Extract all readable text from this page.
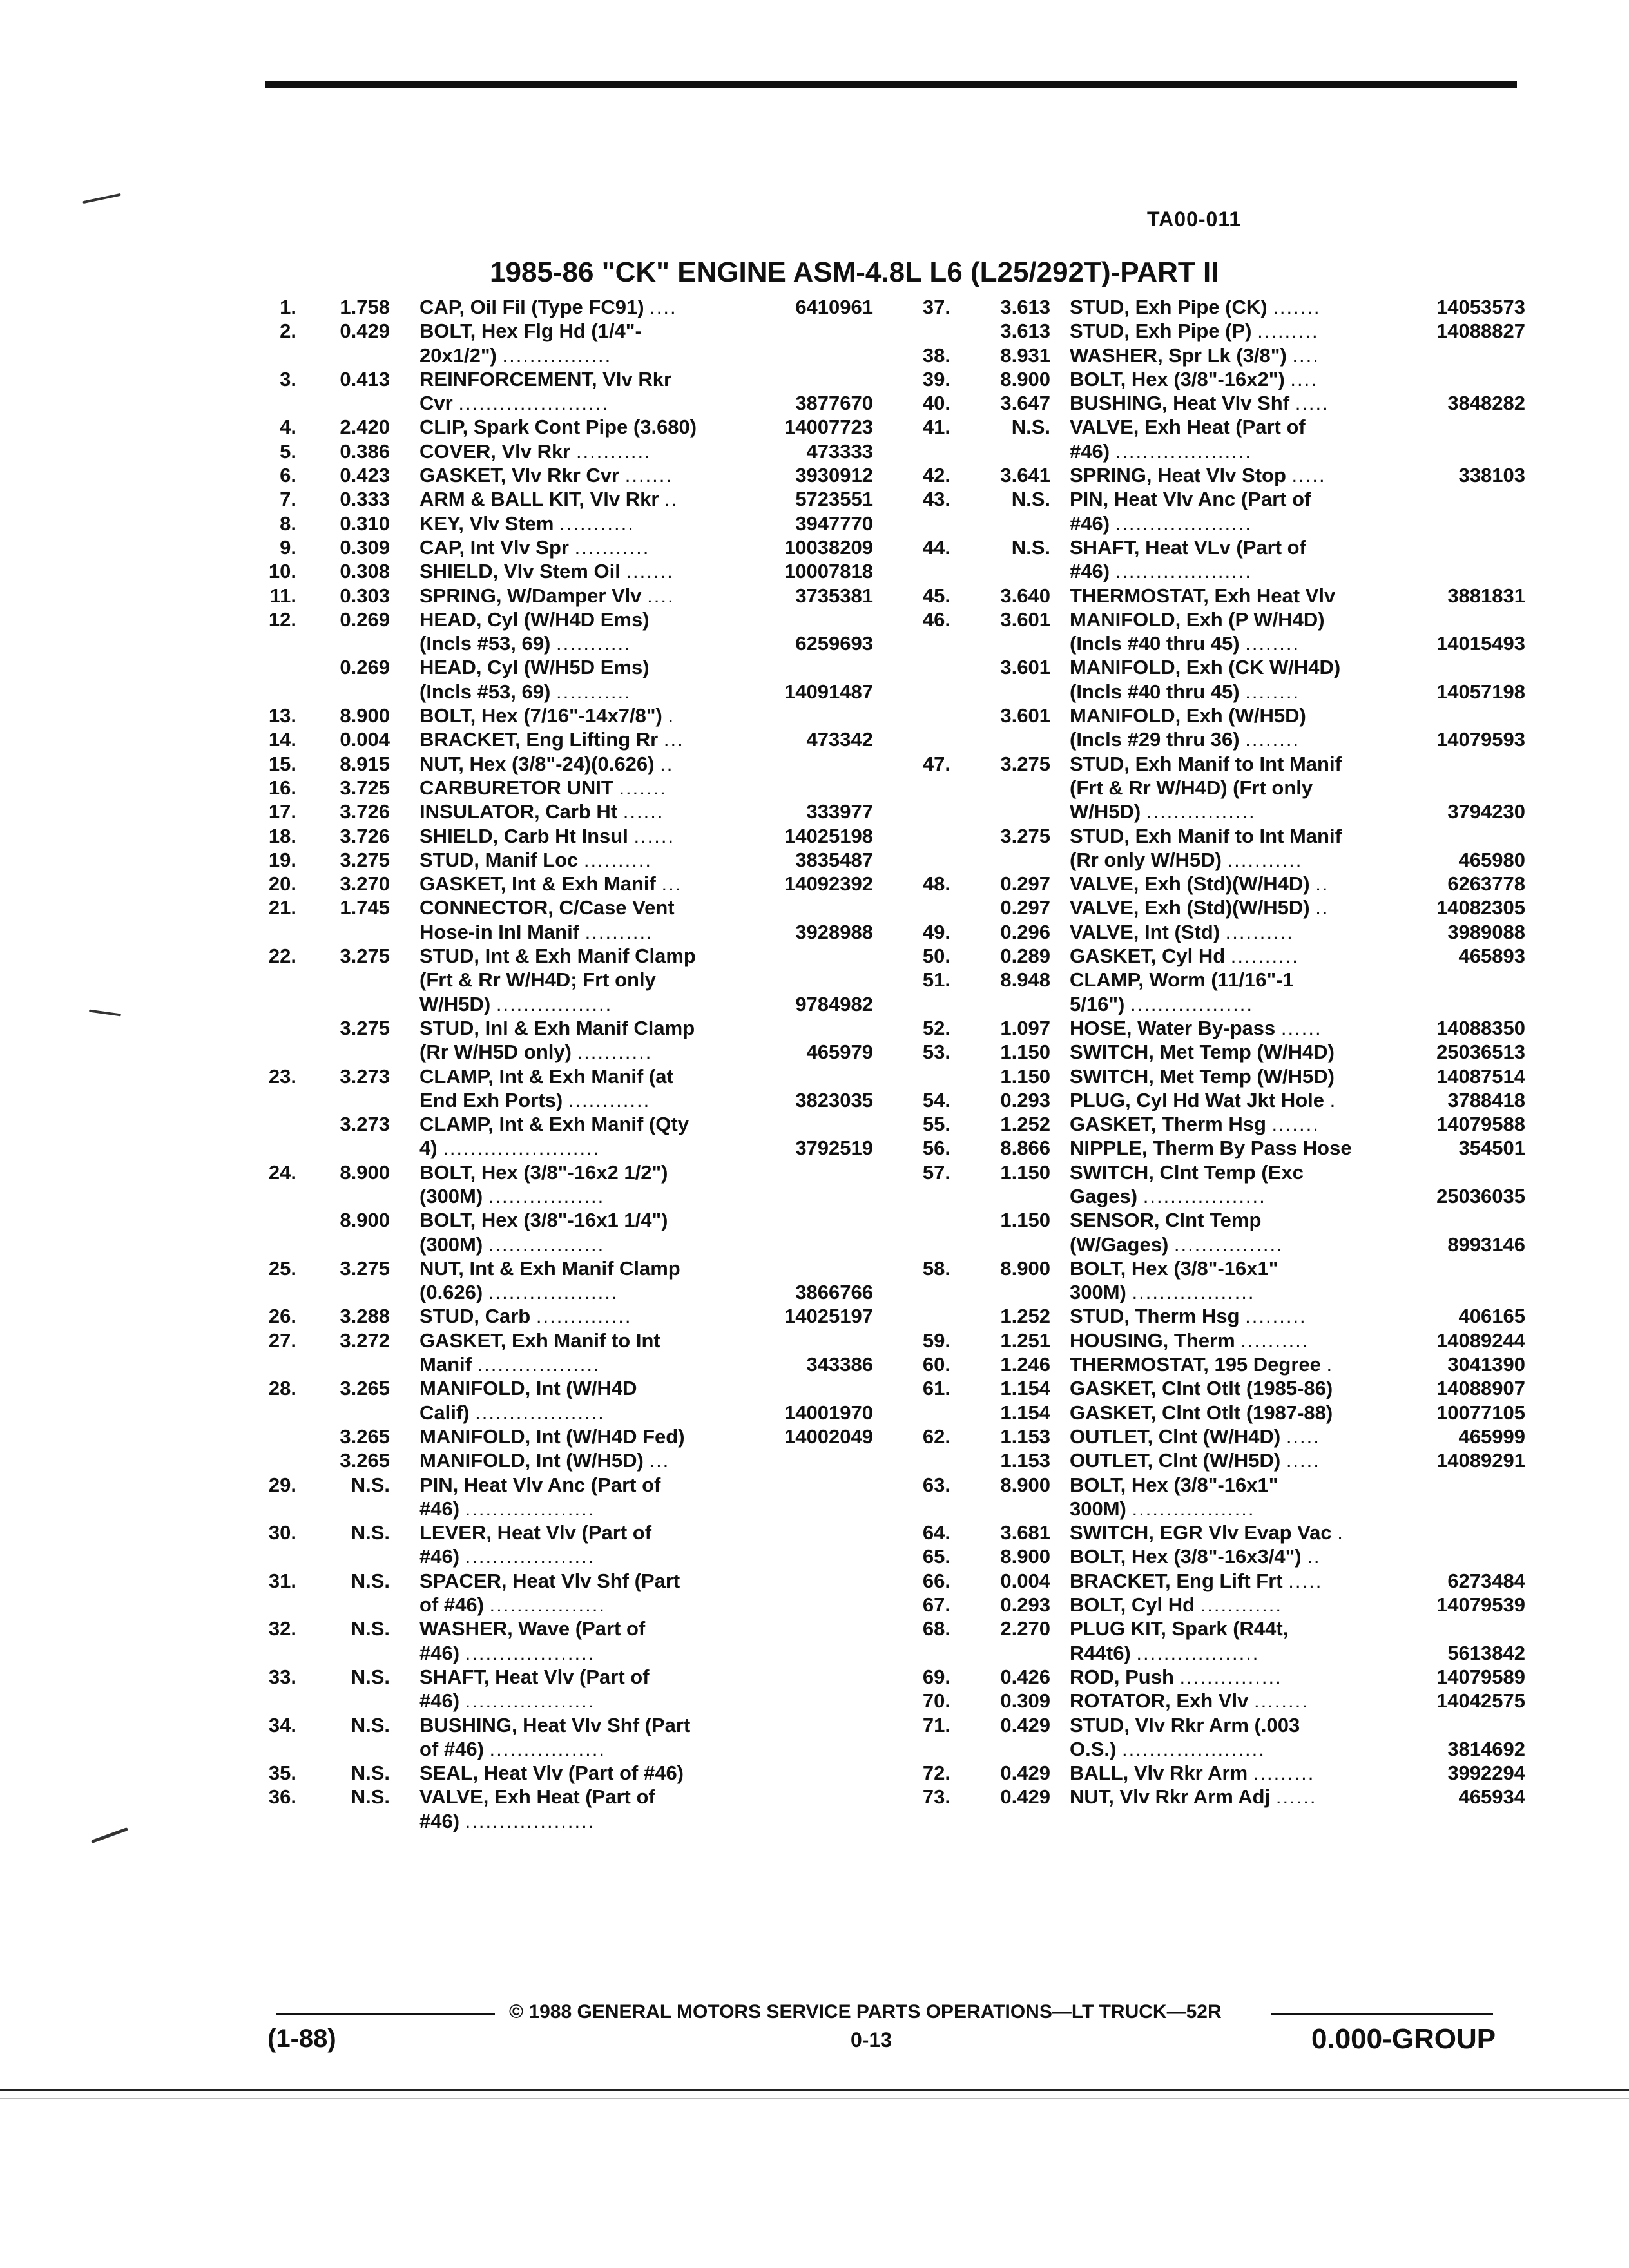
TA00-011
1985-86 "CK" ENGINE ASM-4.8L L6 (L25/292T)-PART II
1.	1.758 CAP, Oil Fil (Type FC91) ....	6410961
2.	0.429 BOLT, Hex Flg Hd (1/4"-
20x1/2") ................
3.	0.413 REINFORCEMENT, Vlv Rkr
Cvr ......................	3877670
4.	2.420 CLIP, Spark Cont Pipe (3.680)	14007723
5.	0.386 COVER, Vlv Rkr ...........	473333
6.	0.423 GASKET, Vlv Rkr Cvr .......	3930912
7.	0.333 ARM & BALL KIT, Vlv Rkr ..	5723551
8.	0.310 KEY, Vlv Stem ...........	3947770
9.	0.309 CAP, Int Vlv Spr ...........	10038209
10.	0.308 SHIELD, Vlv Stem Oil .......	10007818
11.	0.303 SPRING, W/Damper Vlv ....	3735381
12.	0.269 HEAD, Cyl (W/H4D Ems)
(Incls #53, 69) ...........	6259693
0.269 HEAD, Cyl (W/H5D Ems)
(Incls #53, 69) ...........	14091487
13.	8.900 BOLT, Hex (7/16"-14x7/8") .
14.	0.004 BRACKET, Eng Lifting Rr ...	473342
15.	8.915 NUT, Hex (3/8"-24)(0.626) ..
16.	3.725 CARBURETOR UNIT .......
17.	3.726 INSULATOR, Carb Ht ......	333977
18.	3.726 SHIELD, Carb Ht Insul ......	14025198
19.	3.275 STUD, Manif Loc ..........	3835487
20.	3.270 GASKET, Int & Exh Manif ...	14092392
21.	1.745 CONNECTOR, C/Case Vent
Hose-in Inl Manif ..........	3928988
22.	3.275 STUD, Int & Exh Manif Clamp
(Frt & Rr W/H4D; Frt only
W/H5D) .................	9784982
3.275 STUD, Inl & Exh Manif Clamp
(Rr W/H5D only) ...........	465979
23.	3.273 CLAMP, Int & Exh Manif (at
End Exh Ports) ............	3823035
3.273 CLAMP, Int & Exh Manif (Qty
4) .......................	3792519
24.	8.900 BOLT, Hex (3/8"-16x2 1/2")
(300M) .................
8.900 BOLT, Hex (3/8"-16x1 1/4")
(300M) .................
25.	3.275 NUT, Int & Exh Manif Clamp
(0.626) ...................	3866766
26.	3.288 STUD, Carb ..............	14025197
27.	3.272 GASKET, Exh Manif to Int
Manif ..................	343386
28.	3.265 MANIFOLD, Int (W/H4D
Calif) ...................	14001970
3.265 MANIFOLD, Int (W/H4D Fed)	14002049
3.265 MANIFOLD, Int (W/H5D) ...
29.	N.S. PIN, Heat Vlv Anc (Part of
#46) ...................
30.	N.S. LEVER, Heat Vlv (Part of
#46) ...................
31.	N.S. SPACER, Heat Vlv Shf (Part
of #46) .................
32.	N.S. WASHER, Wave (Part of
#46) ...................
33.	N.S. SHAFT, Heat Vlv (Part of
#46) ...................
34.	N.S. BUSHING, Heat Vlv Shf (Part
of #46) .................
35.	N.S. SEAL, Heat Vlv (Part of #46)
36.	N.S. VALVE, Exh Heat (Part of
#46) ...................
37.	3.613 STUD, Exh Pipe (CK) .......	14053573
3.613 STUD, Exh Pipe (P) .........	14088827
38.	8.931 WASHER, Spr Lk (3/8") ....
39.	8.900 BOLT, Hex (3/8"-16x2") ....
40.	3.647 BUSHING, Heat Vlv Shf .....	3848282
41.	N.S. VALVE, Exh Heat (Part of
#46) ....................
42.	3.641 SPRING, Heat Vlv Stop .....	338103
43.	N.S. PIN, Heat Vlv Anc (Part of
#46) ....................
44.	N.S. SHAFT, Heat VLv (Part of
#46) ....................
45.	3.640 THERMOSTAT, Exh Heat Vlv	3881831
46.	3.601 MANIFOLD, Exh (P W/H4D)
(Incls #40 thru 45) ........	14015493
3.601 MANIFOLD, Exh (CK W/H4D)
(Incls #40 thru 45) ........	14057198
3.601 MANIFOLD, Exh (W/H5D)
(Incls #29 thru 36) ........	14079593
47.	3.275 STUD, Exh Manif to Int Manif
(Frt & Rr W/H4D) (Frt only
W/H5D) ................	3794230
3.275 STUD, Exh Manif to Int Manif
(Rr only W/H5D) ...........	465980
48.	0.297 VALVE, Exh (Std)(W/H4D) ..	6263778
0.297 VALVE, Exh (Std)(W/H5D) ..	14082305
49.	0.296 VALVE, Int (Std) ..........	3989088
50.	0.289 GASKET, Cyl Hd ..........	465893
51.	8.948 CLAMP, Worm (11/16"-1
5/16") ..................
52.	1.097 HOSE, Water By-pass ......	14088350
53.	1.150 SWITCH, Met Temp (W/H4D)	25036513
1.150 SWITCH, Met Temp (W/H5D)	14087514
54.	0.293 PLUG, Cyl Hd Wat Jkt Hole .	3788418
55.	1.252 GASKET, Therm Hsg .......	14079588
56.	8.866 NIPPLE, Therm By Pass Hose	354501
57.	1.150 SWITCH, Clnt Temp (Exc
Gages) ..................	25036035
1.150 SENSOR, Clnt Temp
(W/Gages) ................	8993146
58.	8.900 BOLT, Hex (3/8"-16x1"
300M) ..................
1.252 STUD, Therm Hsg .........	406165
59.	1.251 HOUSING, Therm ..........	14089244
60.	1.246 THERMOSTAT, 195 Degree .	3041390
61.	1.154 GASKET, Clnt Otlt (1985-86)	14088907
1.154 GASKET, Clnt Otlt (1987-88)	10077105
62.	1.153 OUTLET, Clnt (W/H4D) .....	465999
1.153 OUTLET, Clnt (W/H5D) .....	14089291
63.	8.900 BOLT, Hex (3/8"-16x1"
300M) ..................
64.	3.681 SWITCH, EGR Vlv Evap Vac .
65.	8.900 BOLT, Hex (3/8"-16x3/4") ..
66.	0.004 BRACKET, Eng Lift Frt .....	6273484
67.	0.293 BOLT, Cyl Hd ............	14079539
68.	2.270 PLUG KIT, Spark (R44t,
R44t6) ..................	5613842
69.	0.426 ROD, Push ...............	14079589
70.	0.309 ROTATOR, Exh Vlv ........	14042575
71.	0.429 STUD, Vlv Rkr Arm (.003
O.S.) .....................	3814692
72.	0.429 BALL, Vlv Rkr Arm .........	3992294
73.	0.429 NUT, Vlv Rkr Arm Adj ......	465934
© 1988 GENERAL MOTORS SERVICE PARTS OPERATIONS—LT TRUCK—52R
(1-88)	0-13	0.000-GROUP
